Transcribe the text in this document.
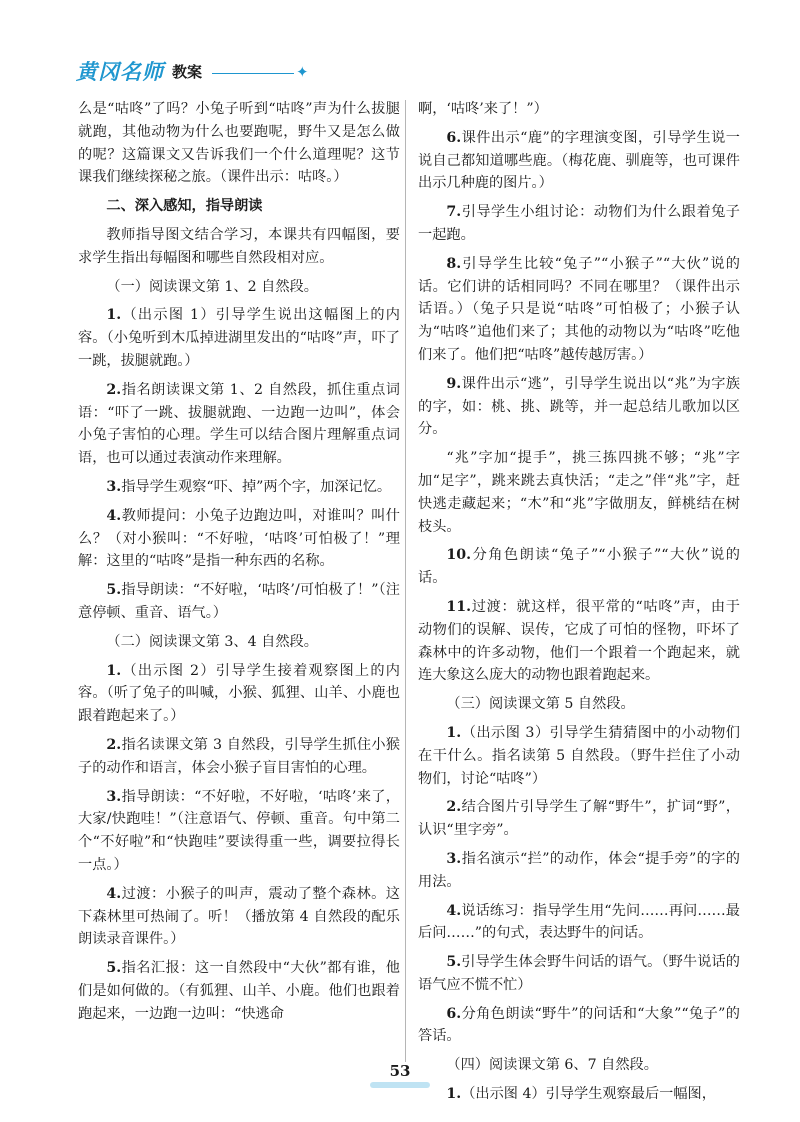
黄冈名师 教案	✦

么是“咕咚”了吗？小兔子听到“咕咚”声为什么拔腿就跑，其他动物为什么也要跑呢，野牛又是怎么做的呢？这篇课文又告诉我们一个什么道理呢？这节课我们继续探秘之旅。（课件出示：咕咚。）

二、深入感知，指导朗读

教师指导图文结合学习，本课共有四幅图，要求学生指出每幅图和哪些自然段相对应。

（一）阅读课文第 1、2 自然段。

1.（出示图 1）引导学生说出这幅图上的内容。（小兔听到木瓜掉进湖里发出的“咕咚”声，吓了一跳，拔腿就跑。）

2.指名朗读课文第 1、2 自然段，抓住重点词语：“吓了一跳、拔腿就跑、一边跑一边叫”，体会小兔子害怕的心理。学生可以结合图片理解重点词语，也可以通过表演动作来理解。

3.指导学生观察“吓、掉”两个字，加深记忆。

4.教师提问：小兔子边跑边叫，对谁叫？叫什么？（对小猴叫：“不好啦，‘咕咚’可怕极了！”理解：这里的“咕咚”是指一种东西的名称。

5.指导朗读：“不好啦，‘咕咚’/可怕极了！”（注意停顿、重音、语气。）

（二）阅读课文第 3、4 自然段。

1.（出示图 2）引导学生接着观察图上的内容。（听了兔子的叫喊，小猴、狐狸、山羊、小鹿也跟着跑起来了。）

2.指名读课文第 3 自然段，引导学生抓住小猴子的动作和语言，体会小猴子盲目害怕的心理。

3.指导朗读：“不好啦，不好啦，‘咕咚’来了，大家/快跑哇！”（注意语气、停顿、重音。句中第二个“不好啦”和“快跑哇”要读得重一些，调要拉得长一点。）

4.过渡：小猴子的叫声，震动了整个森林。这下森林里可热闹了。听！（播放第 4 自然段的配乐朗读录音课件。）

5.指名汇报：这一自然段中“大伙”都有谁，他们是如何做的。（有狐狸、山羊、小鹿。他们也跟着跑起来，一边跑一边叫：“快逃命

啊，‘咕咚’来了！”）

6.课件出示“鹿”的字理演变图，引导学生说一说自己都知道哪些鹿。（梅花鹿、驯鹿等，也可课件出示几种鹿的图片。）

7.引导学生小组讨论：动物们为什么跟着兔子一起跑。

8.引导学生比较“兔子”“小猴子”“大伙”说的话。它们讲的话相同吗？不同在哪里？（课件出示话语。）（兔子只是说“咕咚”可怕极了；小猴子认为“咕咚”追他们来了；其他的动物以为“咕咚”吃他们来了。他们把“咕咚”越传越厉害。）

9.课件出示“逃”，引导学生说出以“兆”为字族的字，如：桃、挑、跳等，并一起总结儿歌加以区分。

“兆”字加“提手”，挑三拣四挑不够；“兆”字加“足字”，跳来跳去真快活；“走之”伴“兆”字，赶快逃走藏起来；“木”和“兆”字做朋友，鲜桃结在树枝头。

10.分角色朗读“兔子”“小猴子”“大伙”说的话。

11.过渡：就这样，很平常的“咕咚”声，由于动物们的误解、误传，它成了可怕的怪物，吓坏了森林中的许多动物，他们一个跟着一个跑起来，就连大象这么庞大的动物也跟着跑起来。

（三）阅读课文第 5 自然段。

1.（出示图 3）引导学生猜猜图中的小动物们在干什么。指名读第 5 自然段。（野牛拦住了小动物们，讨论“咕咚”）

2.结合图片引导学生了解“野牛”，扩词“野”，认识“里字旁”。

3.指名演示“拦”的动作，体会“提手旁”的字的用法。

4.说话练习：指导学生用“先问……再问……最后问……”的句式，表达野牛的问话。

5.引导学生体会野牛问话的语气。（野牛说话的语气应不慌不忙）

6.分角色朗读“野牛”的问话和“大象”“兔子”的答话。

（四）阅读课文第 6、7 自然段。

1.（出示图 4）引导学生观察最后一幅图，

53
